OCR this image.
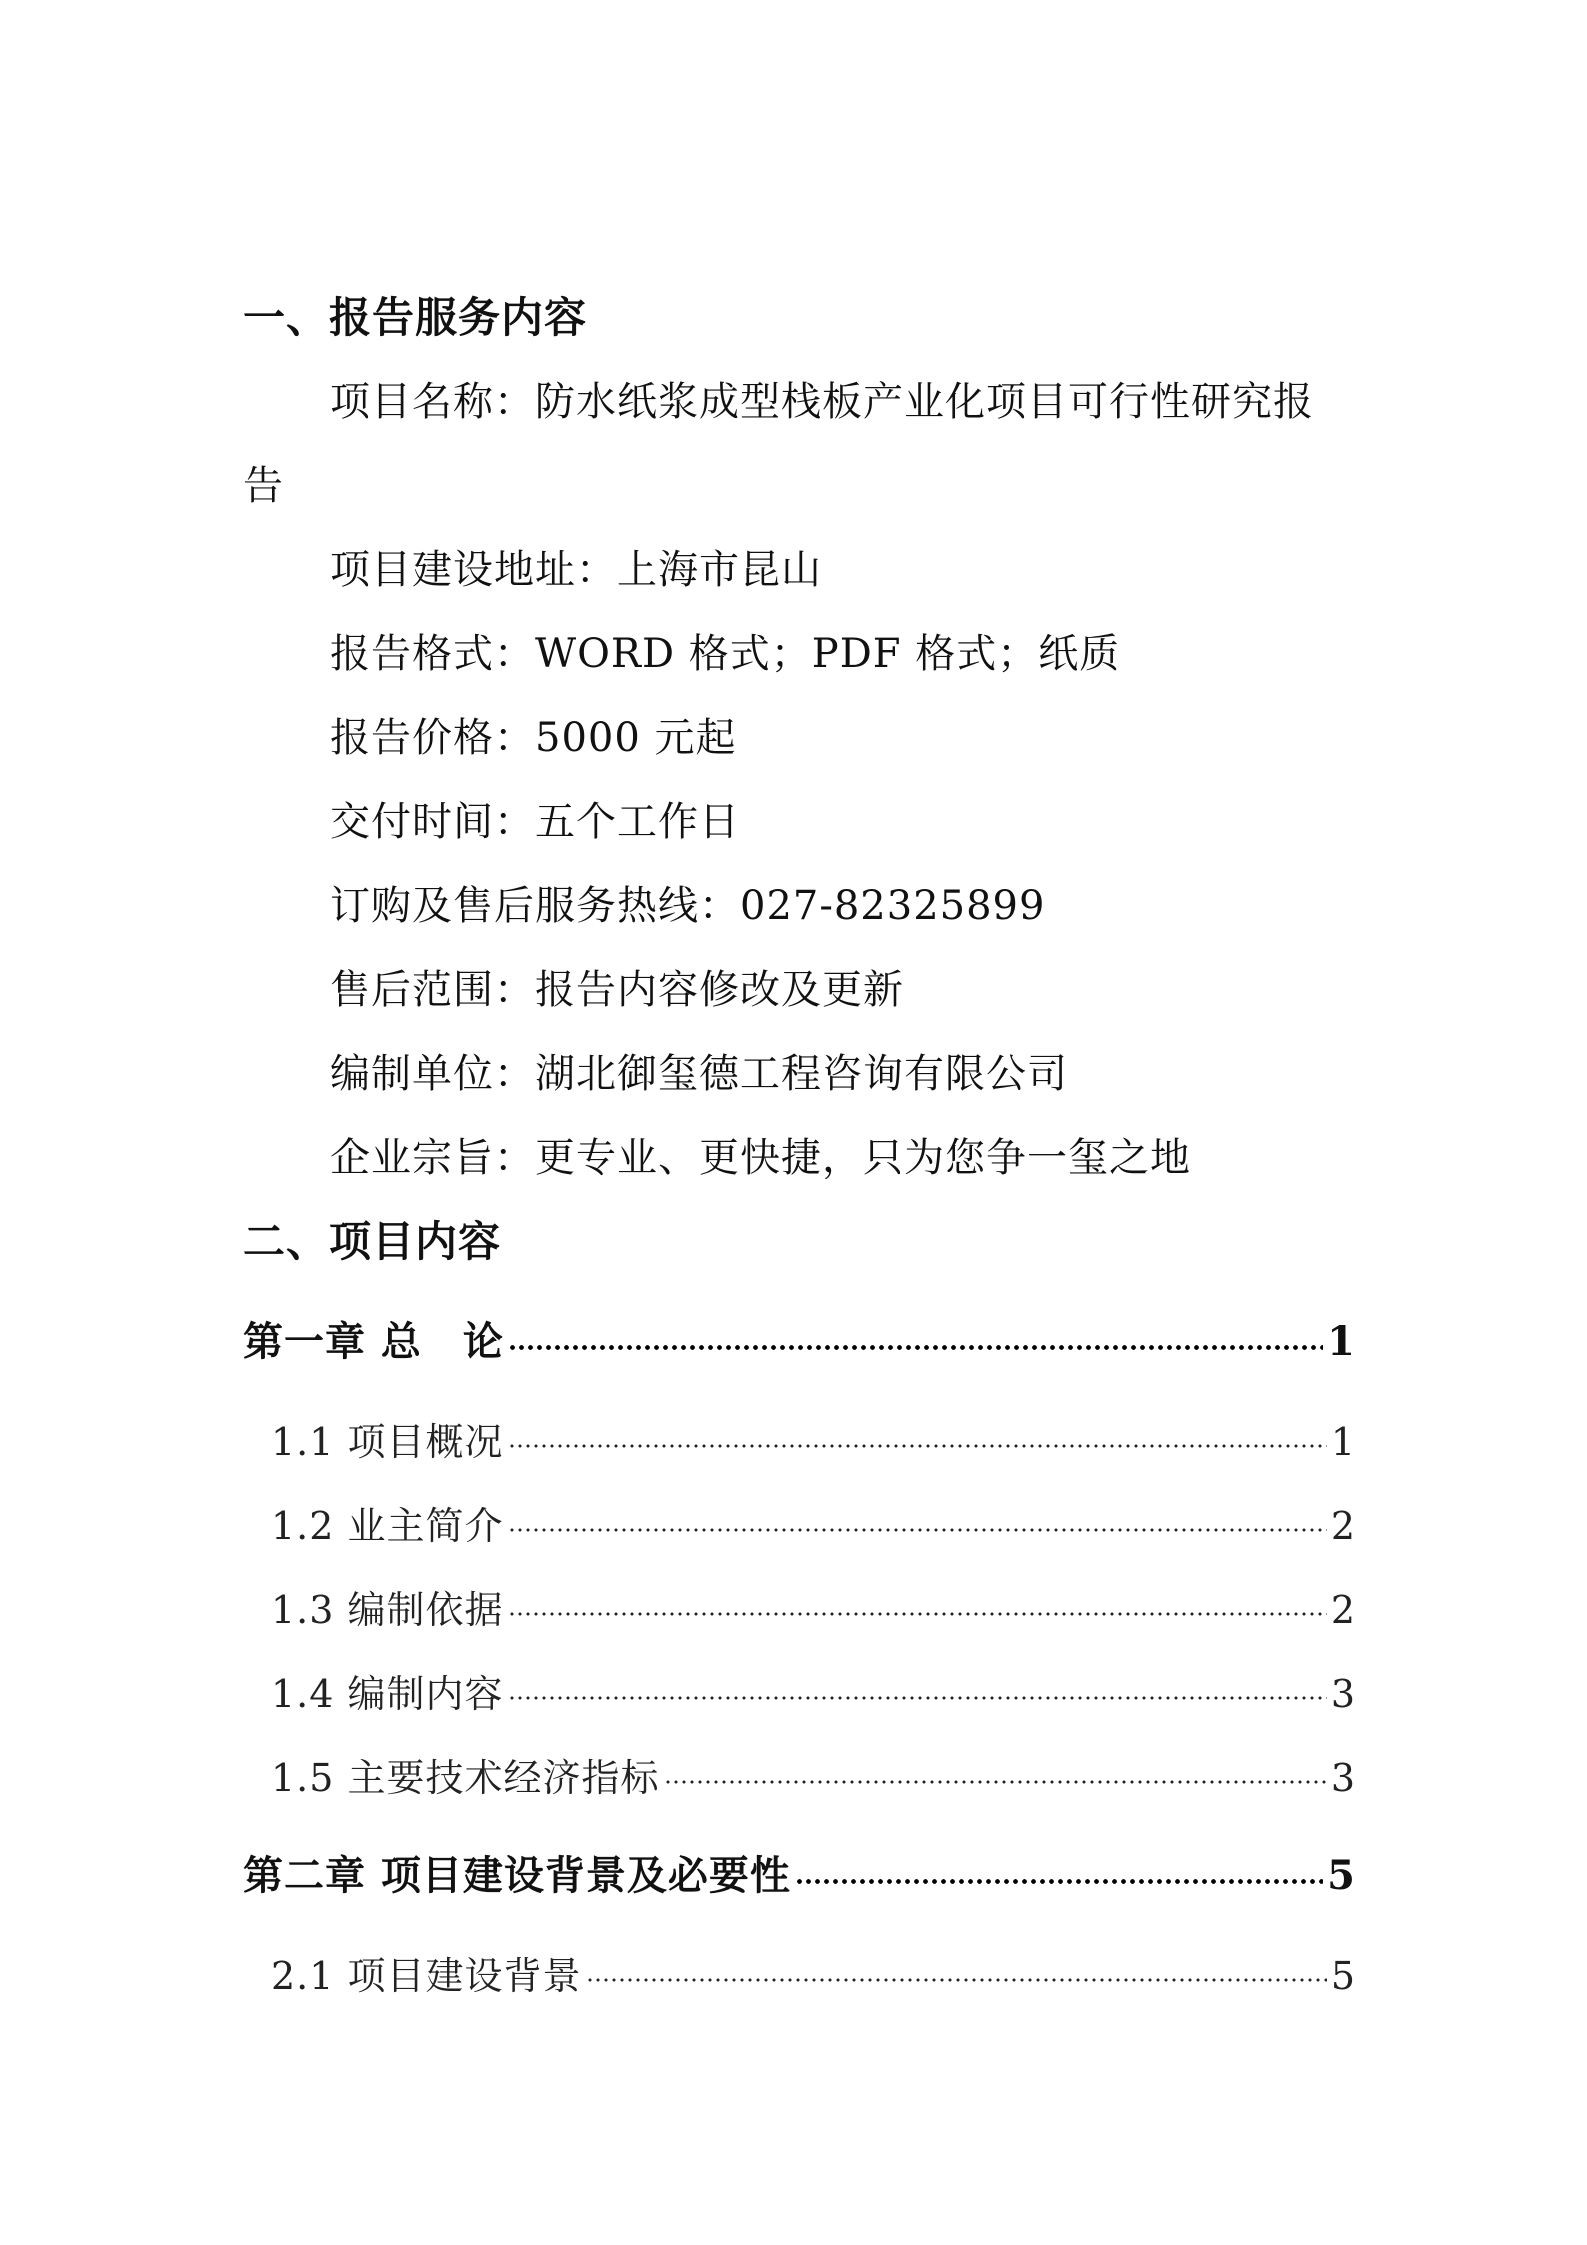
一、报告服务内容
项目名称：防水纸浆成型栈板产业化项目可行性研究报
告
项目建设地址：上海市昆山
报告格式：WORD 格式；PDF 格式；纸质
报告价格：5000 元起
交付时间：五个工作日
订购及售后服务热线：027-82325899
售后范围：报告内容修改及更新
编制单位：湖北御玺德工程咨询有限公司
企业宗旨：更专业、更快捷，只为您争一玺之地
二、项目内容
第一章 总　论	1
1.1 项目概况	1
1.2 业主简介	2
1.3 编制依据	2
1.4 编制内容	3
1.5 主要技术经济指标	3
第二章 项目建设背景及必要性	5
2.1 项目建设背景	5
